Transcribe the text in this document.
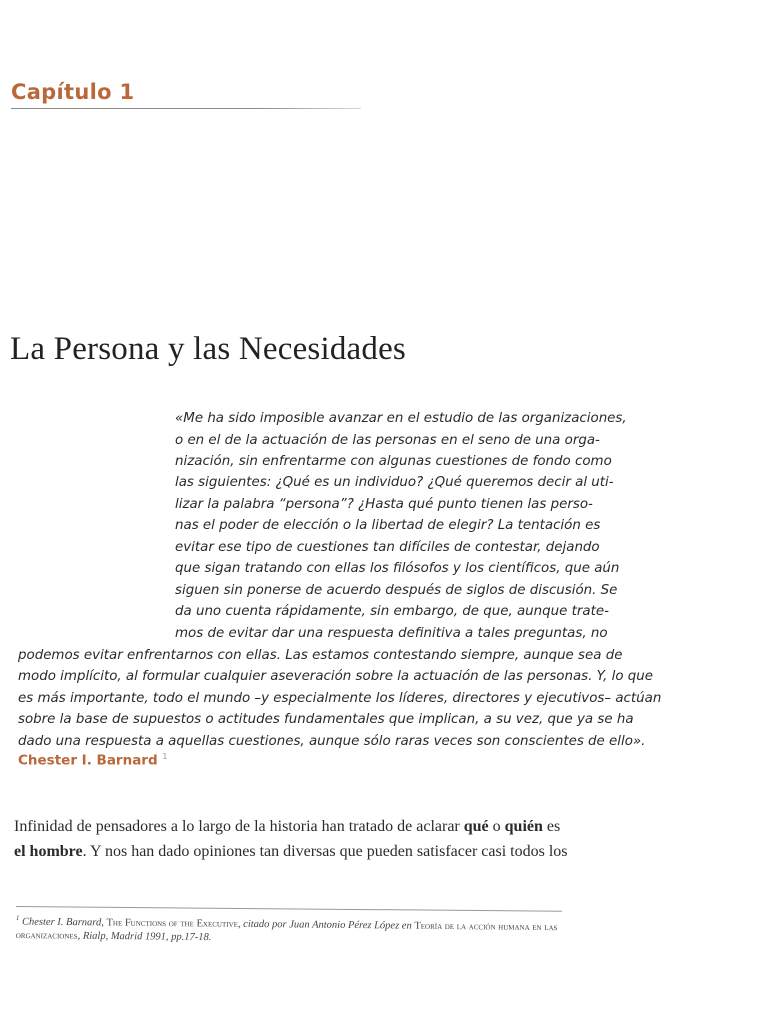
Capítulo 1
La Persona y las Necesidades
«Me ha sido imposible avanzar en el estudio de las organizaciones,
o en el de la actuación de las personas en el seno de una orga-
nización, sin enfrentarme con algunas cuestiones de fondo como
las siguientes: ¿Qué es un individuo? ¿Qué queremos decir al uti-
lizar la palabra “persona”? ¿Hasta qué punto tienen las perso-
nas el poder de elección o la libertad de elegir? La tentación es
evitar ese tipo de cuestiones tan difíciles de contestar, dejando
que sigan tratando con ellas los filósofos y los científicos, que aún
siguen sin ponerse de acuerdo después de siglos de discusión. Se
da uno cuenta rápidamente, sin embargo, de que, aunque trate-
mos de evitar dar una respuesta definitiva a tales preguntas, no
podemos evitar enfrentarnos con ellas. Las estamos contestando siempre, aunque sea de
modo implícito, al formular cualquier aseveración sobre la actuación de las personas. Y, lo que
es más importante, todo el mundo –y especialmente los líderes, directores y ejecutivos– actúan
sobre la base de supuestos o actitudes fundamentales que implican, a su vez, que ya se ha
dado una respuesta a aquellas cuestiones, aunque sólo raras veces son conscientes de ello».
Chester I. Barnard $^1$
Infinidad de pensadores a lo largo de la historia han tratado de aclarar qué o quién es
el hombre. Y nos han dado opiniones tan diversas que pueden satisfacer casi todos los
$^1$ Chester I. Barnard, The Functions of the Executive, citado por Juan Antonio Pérez López en Teoría de la acción humana en las organizaciones, Rialp, Madrid 1991, pp.17-18.
